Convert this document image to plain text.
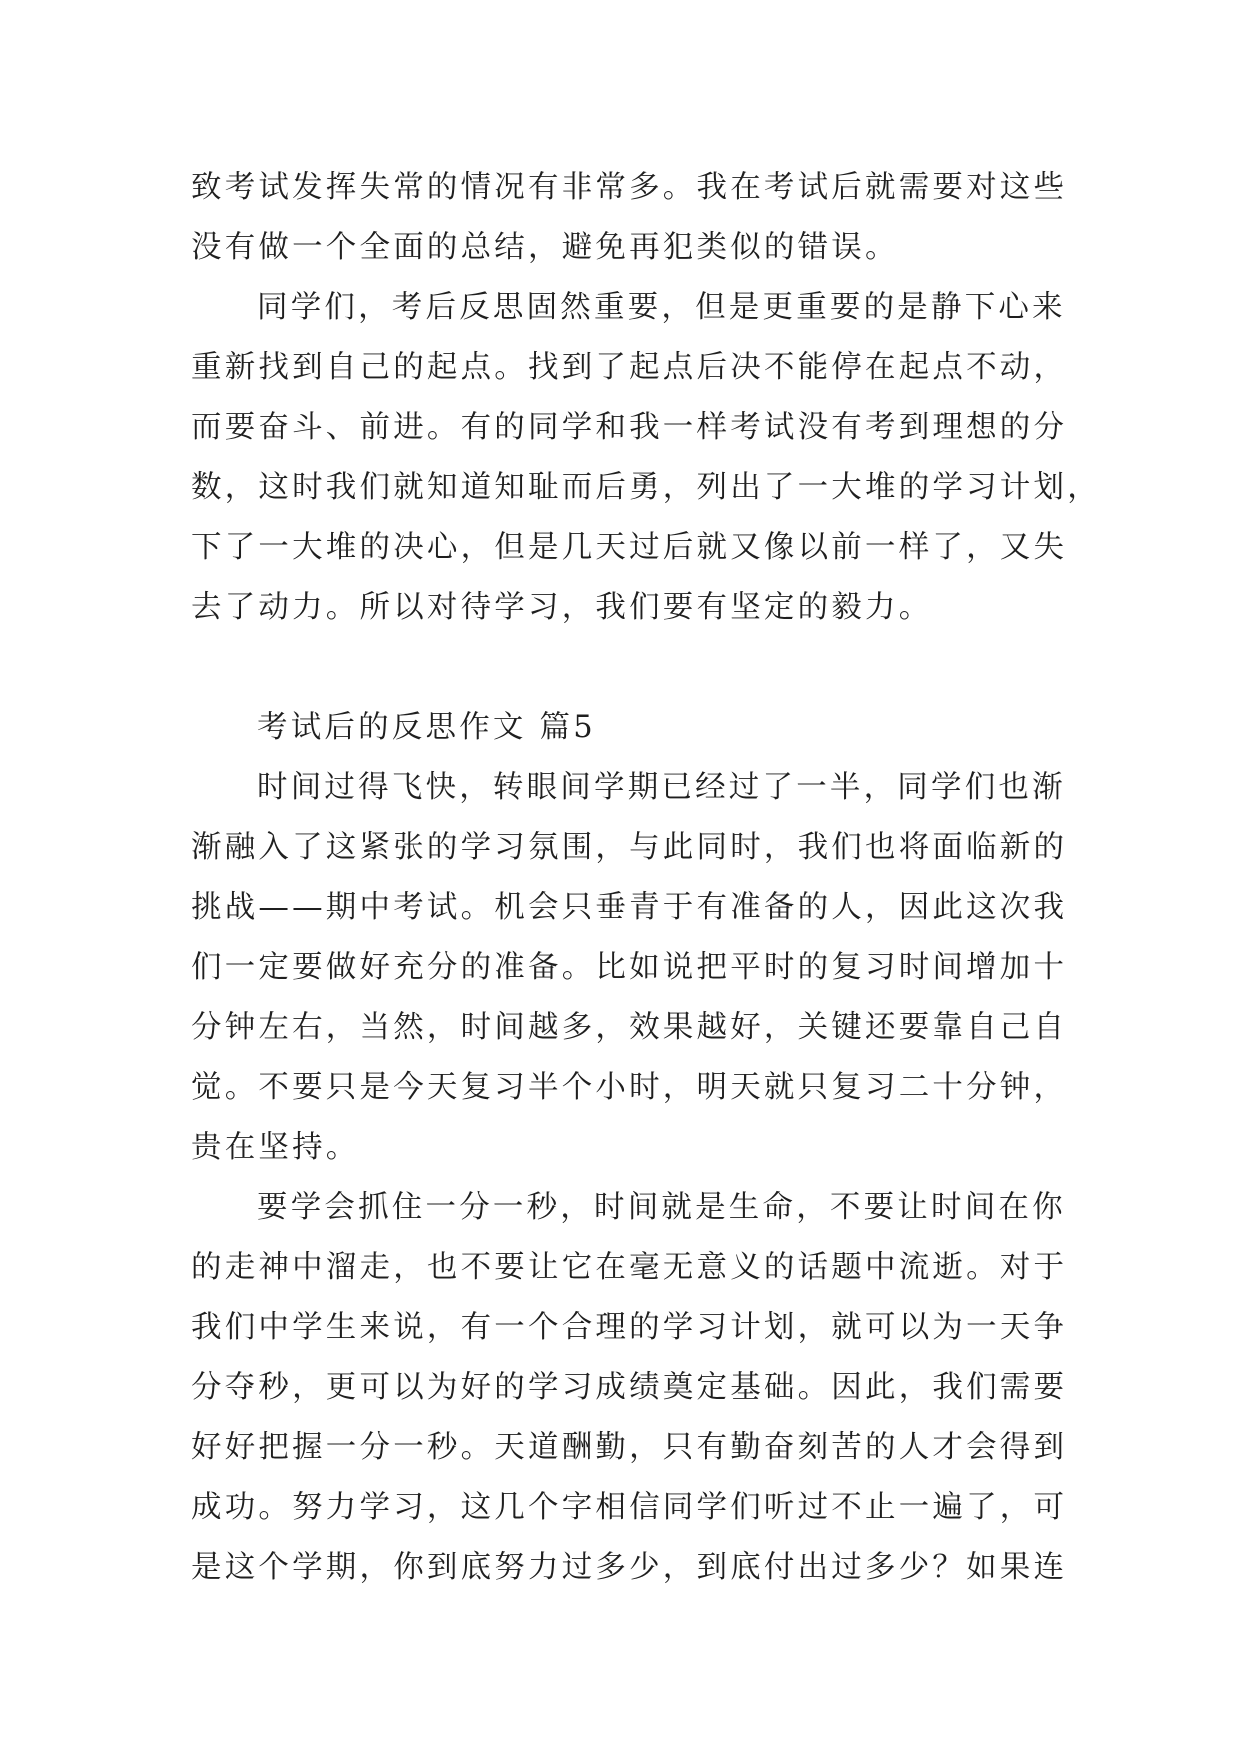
致考试发挥失常的情况有非常多。我在考试后就需要对这些
没有做一个全面的总结，避免再犯类似的错误。

同学们，考后反思固然重要，但是更重要的是静下心来
重新找到自己的起点。找到了起点后决不能停在起点不动，
而要奋斗、前进。有的同学和我一样考试没有考到理想的分
数，这时我们就知道知耻而后勇，列出了一大堆的学习计划，
下了一大堆的决心，但是几天过后就又像以前一样了，又失
去了动力。所以对待学习，我们要有坚定的毅力。

考试后的反思作文 篇5

时间过得飞快，转眼间学期已经过了一半，同学们也渐
渐融入了这紧张的学习氛围，与此同时，我们也将面临新的
挑战——期中考试。机会只垂青于有准备的人，因此这次我
们一定要做好充分的准备。比如说把平时的复习时间增加十
分钟左右，当然，时间越多，效果越好，关键还要靠自己自
觉。不要只是今天复习半个小时，明天就只复习二十分钟，
贵在坚持。

要学会抓住一分一秒，时间就是生命，不要让时间在你
的走神中溜走，也不要让它在毫无意义的话题中流逝。对于
我们中学生来说，有一个合理的学习计划，就可以为一天争
分夺秒，更可以为好的学习成绩奠定基础。因此，我们需要
好好把握一分一秒。天道酬勤，只有勤奋刻苦的人才会得到
成功。努力学习，这几个字相信同学们听过不止一遍了，可
是这个学期，你到底努力过多少，到底付出过多少？如果连
